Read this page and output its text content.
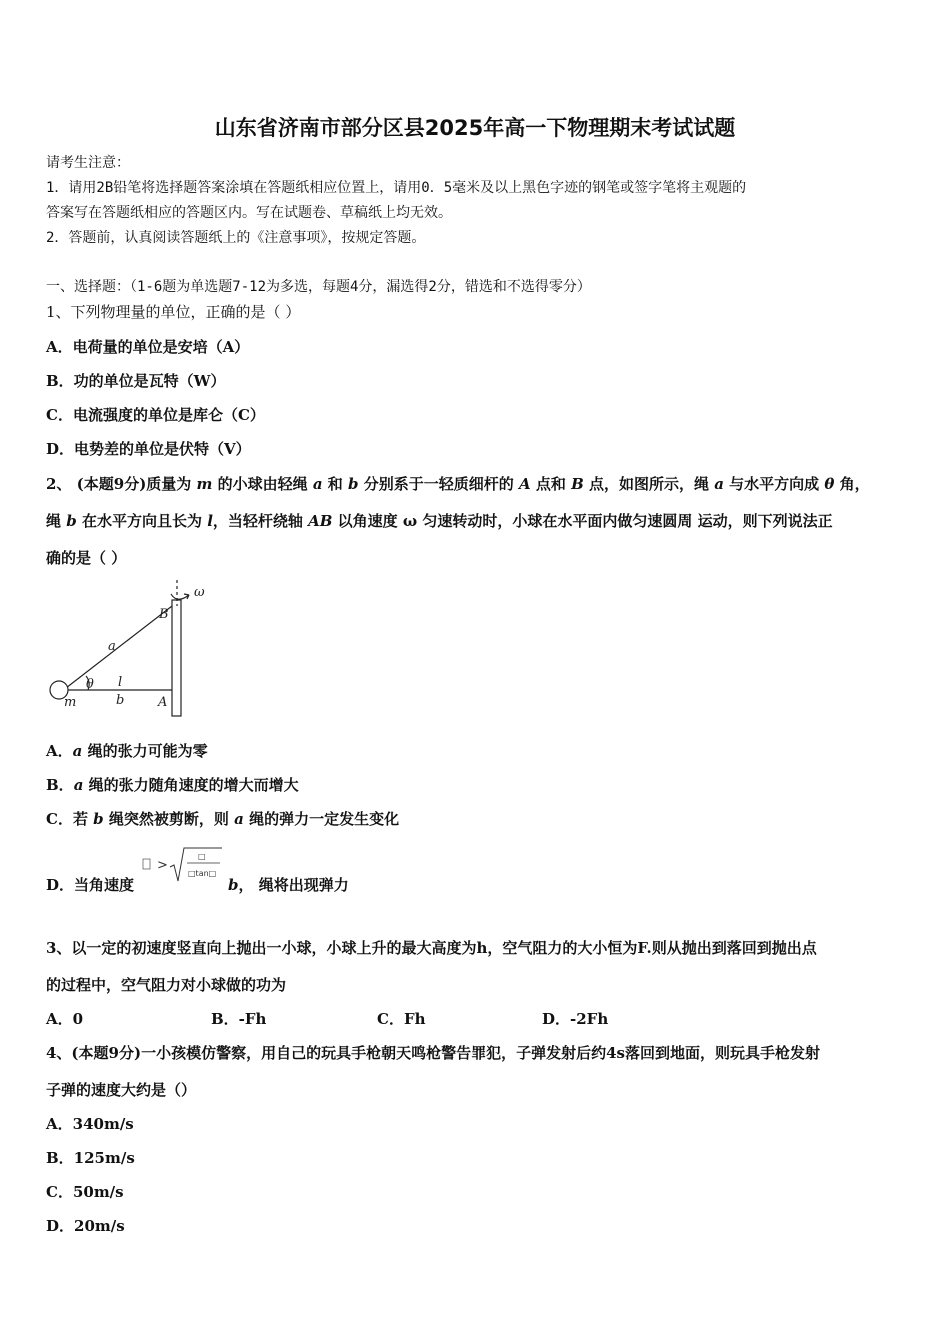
山东省济南市部分区县2025年高一下物理期末考试试题
请考生注意：
1．请用2B铅笔将选择题答案涂填在答题纸相应位置上，请用0．5毫米及以上黑色字迹的钢笔或签字笔将主观题的
答案写在答题纸相应的答题区内。写在试题卷、草稿纸上均无效。
2．答题前，认真阅读答题纸上的《注意事项》，按规定答题。
一、选择题：（1-6题为单选题7-12为多选，每题4分，漏选得2分，错选和不选得零分）
1、下列物理量的单位，正确的是（ ）
A．电荷量的单位是安培（A）
B．功的单位是瓦特（W）
C．电流强度的单位是库仑（C）
D．电势差的单位是伏特（V）
2、 (本题9分)质量为 m 的小球由轻绳 a 和 b 分别系于一轻质细杆的 A 点和 B 点，如图所示，绳 a 与水平方向成 θ 角，
绳 b 在水平方向且长为 l，当轻杆绕轴 AB 以角速度 ω 匀速转动时，小球在水平面内做匀速圆周 运动，则下列说法正
确的是（ ）
ω
B
a
θ l
m	b	A
A．a 绳的张力可能为零
B．a 绳的张力随角速度的增大而增大
C．若 b 绳突然被剪断，则 a 绳的弹力一定发生变化
D．当角速度
>
□
□tan□
b， 绳将出现弹力
3、以一定的初速度竖直向上抛出一小球，小球上升的最大高度为h，空气阻力的大小恒为F.则从抛出到落回到抛出点
的过程中，空气阻力对小球做的功为
A．0	B．-Fh	C．Fh	D．-2Fh
4、(本题9分)一小孩模仿警察，用自己的玩具手枪朝天鸣枪警告罪犯，子弹发射后约4s落回到地面，则玩具手枪发射
子弹的速度大约是（）
A．340m/s
B．125m/s
C．50m/s
D．20m/s
